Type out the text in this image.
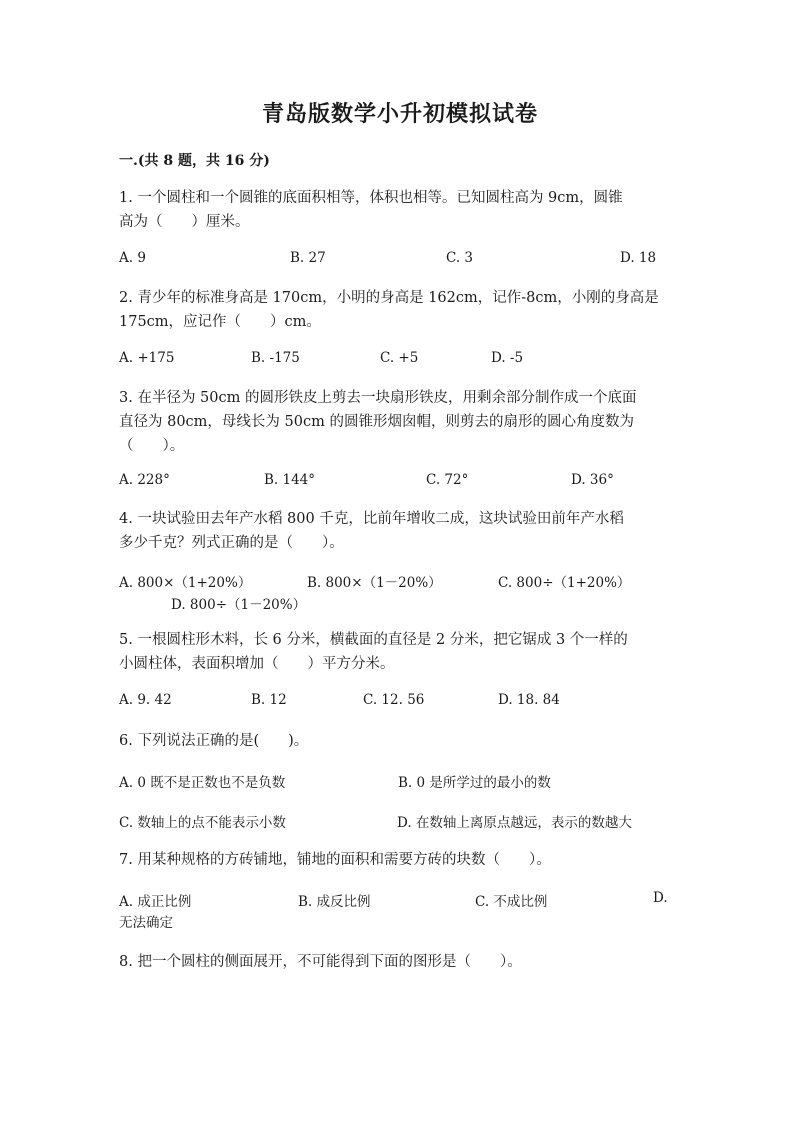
青岛版数学小升初模拟试卷
一.(共 8 题，共 16 分)
1. 一个圆柱和一个圆锥的底面积相等，体积也相等。已知圆柱高为 9cm，圆锥
高为（　　）厘米。
A. 9	B. 27	C. 3	D. 18
2. 青少年的标准身高是 170cm，小明的身高是 162cm，记作-8cm，小刚的身高是
175cm，应记作（　　）cm。
A. +175	B. -175	C. +5	D. -5
3. 在半径为 50cm 的圆形铁皮上剪去一块扇形铁皮，用剩余部分制作成一个底面
直径为 80cm，母线长为 50cm 的圆锥形烟囱帽，则剪去的扇形的圆心角度数为
（　　）。
A. 228°	B. 144°	C. 72°	D. 36°
4. 一块试验田去年产水稻 800 千克，比前年增收二成，这块试验田前年产水稻
多少千克？列式正确的是（　　）。
A. 800×（1+20%）	B. 800×（1－20%）	C. 800÷（1+20%）
D. 800÷（1－20%）
5. 一根圆柱形木料，长 6 分米，横截面的直径是 2 分米，把它锯成 3 个一样的
小圆柱体，表面积增加（　　）平方分米。
A. 9. 42	B. 12	C. 12. 56	D. 18. 84
6. 下列说法正确的是(　　)。
A. 0 既不是正数也不是负数	B. 0 是所学过的最小的数
C. 数轴上的点不能表示小数	D. 在数轴上离原点越远，表示的数越大
7. 用某种规格的方砖铺地，铺地的面积和需要方砖的块数（　　）。
A. 成正比例	B. 成反比例	C. 不成比例	D.
无法确定
8. 把一个圆柱的侧面展开，不可能得到下面的图形是（　　）。
